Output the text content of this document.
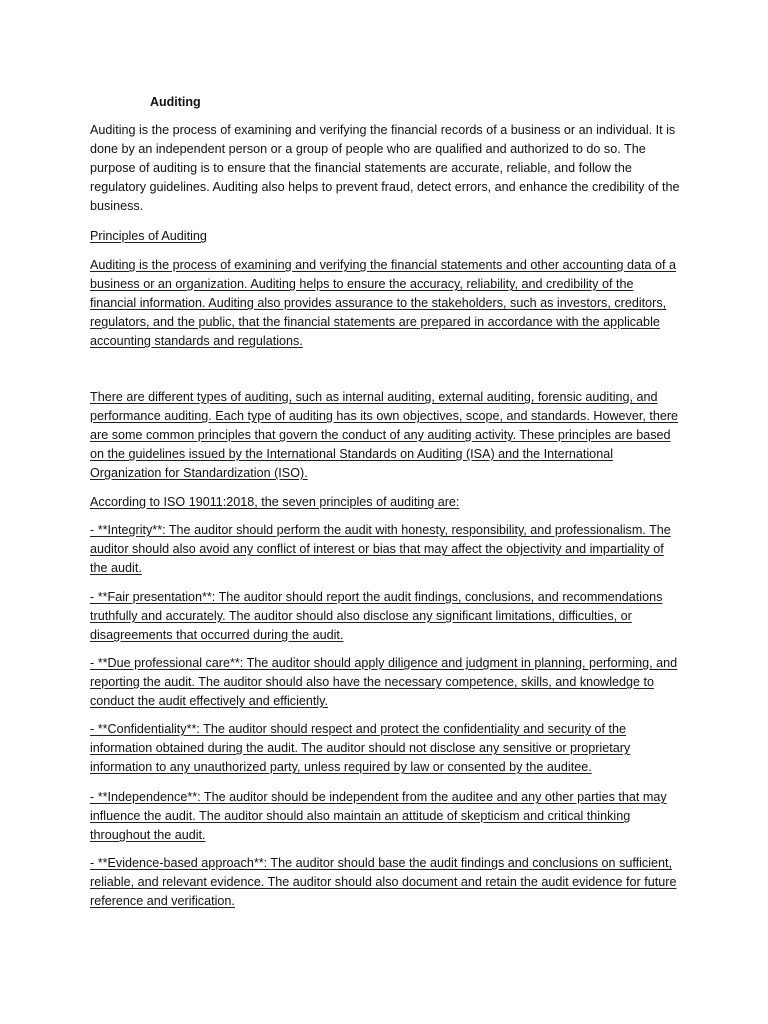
Auditing

Auditing is the process of examining and verifying the financial records of a business or an individual. It is done by an independent person or a group of people who are qualified and authorized to do so. The purpose of auditing is to ensure that the financial statements are accurate, reliable, and follow the regulatory guidelines. Auditing also helps to prevent fraud, detect errors, and enhance the credibility of the business.

Principles of Auditing

Auditing is the process of examining and verifying the financial statements and other accounting data of a business or an organization. Auditing helps to ensure the accuracy, reliability, and credibility of the financial information. Auditing also provides assurance to the stakeholders, such as investors, creditors, regulators, and the public, that the financial statements are prepared in accordance with the applicable accounting standards and regulations.

There are different types of auditing, such as internal auditing, external auditing, forensic auditing, and performance auditing. Each type of auditing has its own objectives, scope, and standards. However, there are some common principles that govern the conduct of any auditing activity. These principles are based on the guidelines issued by the International Standards on Auditing (ISA) and the International Organization for Standardization (ISO).

According to ISO 19011:2018, the seven principles of auditing are:

- **Integrity**: The auditor should perform the audit with honesty, responsibility, and professionalism. The auditor should also avoid any conflict of interest or bias that may affect the objectivity and impartiality of the audit.

- **Fair presentation**: The auditor should report the audit findings, conclusions, and recommendations truthfully and accurately. The auditor should also disclose any significant limitations, difficulties, or disagreements that occurred during the audit.

- **Due professional care**: The auditor should apply diligence and judgment in planning, performing, and reporting the audit. The auditor should also have the necessary competence, skills, and knowledge to conduct the audit effectively and efficiently.

- **Confidentiality**: The auditor should respect and protect the confidentiality and security of the information obtained during the audit. The auditor should not disclose any sensitive or proprietary information to any unauthorized party, unless required by law or consented by the auditee.

- **Independence**: The auditor should be independent from the auditee and any other parties that may influence the audit. The auditor should also maintain an attitude of skepticism and critical thinking throughout the audit.

- **Evidence-based approach**: The auditor should base the audit findings and conclusions on sufficient, reliable, and relevant evidence. The auditor should also document and retain the audit evidence for future reference and verification.
